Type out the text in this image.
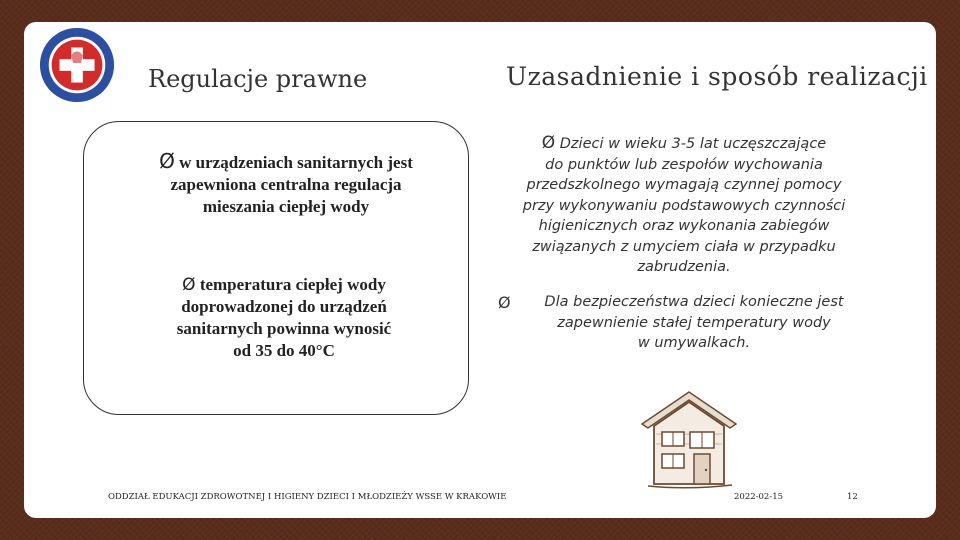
Regulacje prawne	Uzasadnienie i sposób realizacji
Ø w urządzeniach sanitarnych jest
zapewniona centralna regulacja
mieszania ciepłej wody
Ø temperatura ciepłej wody
doprowadzonej do urządzeń
sanitarnych powinna wynosić
od 35 do 40°C
Ø Dzieci w wieku 3-5 lat uczęszczające
do punktów lub zespołów wychowania
przedszkolnego wymagają czynnej pomocy
przy wykonywaniu podstawowych czynności
higienicznych oraz wykonania zabiegów
związanych z umyciem ciała w przypadku
zabrudzenia.
Ø	Dla bezpieczeństwa dzieci konieczne jest
zapewnienie stałej temperatury wody
w umywalkach.
ODDZIAŁ EDUKACJI ZDROWOTNEJ I HIGIENY DZIECI I MŁODZIEŻY WSSE W KRAKOWIE	2022-02-15	12
